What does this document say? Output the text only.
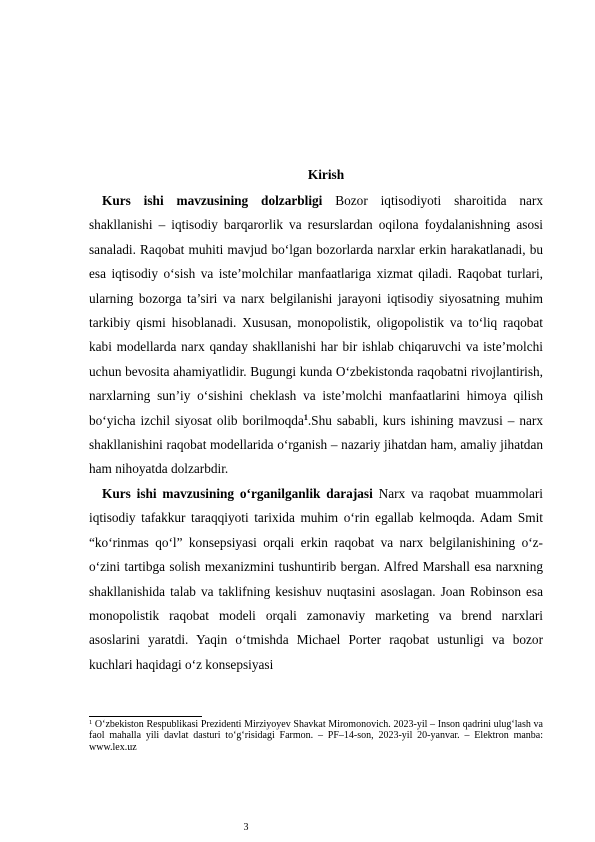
Kirish

Kurs ishi mavzusining dolzarbligi Bozor iqtisodiyoti sharoitida narx shakllanishi – iqtisodiy barqarorlik va resurslardan oqilona foydalanishning asosi sanaladi. Raqobat muhiti mavjud bo‘lgan bozorlarda narxlar erkin harakatlanadi, bu esa iqtisodiy o‘sish va iste’molchilar manfaatlariga xizmat qiladi. Raqobat turlari, ularning bozorga ta’siri va narx belgilanishi jarayoni iqtisodiy siyosatning muhim tarkibiy qismi hisoblanadi. Xususan, monopolistik, oligopolistik va to‘liq raqobat kabi modellarda narx qanday shakllanishi har bir ishlab chiqaruvchi va iste’molchi uchun bevosita ahamiyatlidir. Bugungi kunda O‘zbekistonda raqobatni rivojlantirish, narxlarning sun’iy o‘sishini cheklash va iste’molchi manfaatlarini himoya qilish bo‘yicha izchil siyosat olib borilmoqda$^1$.Shu sababli, kurs ishining mavzusi – narx shakllanishini raqobat modellarida o‘rganish – nazariy jihatdan ham, amaliy jihatdan ham nihoyatda dolzarbdir.

Kurs ishi mavzusining o‘rganilganlik darajasi Narx va raqobat muammolari iqtisodiy tafakkur taraqqiyoti tarixida muhim o‘rin egallab kelmoqda. Adam Smit “ko‘rinmas qo‘l” konsepsiyasi orqali erkin raqobat va narx belgilanishining o‘z-o‘zini tartibga solish mexanizmini tushuntirib bergan. Alfred Marshall esa narxning shakllanishida talab va taklifning kesishuv nuqtasini asoslagan. Joan Robinson esa monopolistik raqobat modeli orqali zamonaviy marketing va brend narxlari asoslarini yaratdi. Yaqin o‘tmishda Michael Porter raqobat ustunligi va bozor kuchlari haqidagi o‘z konsepsiyasi

$^1$ O‘zbekiston Respublikasi Prezidenti Mirziyoyev Shavkat Miromonovich. 2023-yil – Inson qadrini ulug‘lash va faol mahalla yili davlat dasturi to‘g‘risidagi Farmon. – PF–14-son, 2023-yil 20-yanvar. – Elektron manba: www.lex.uz
3
